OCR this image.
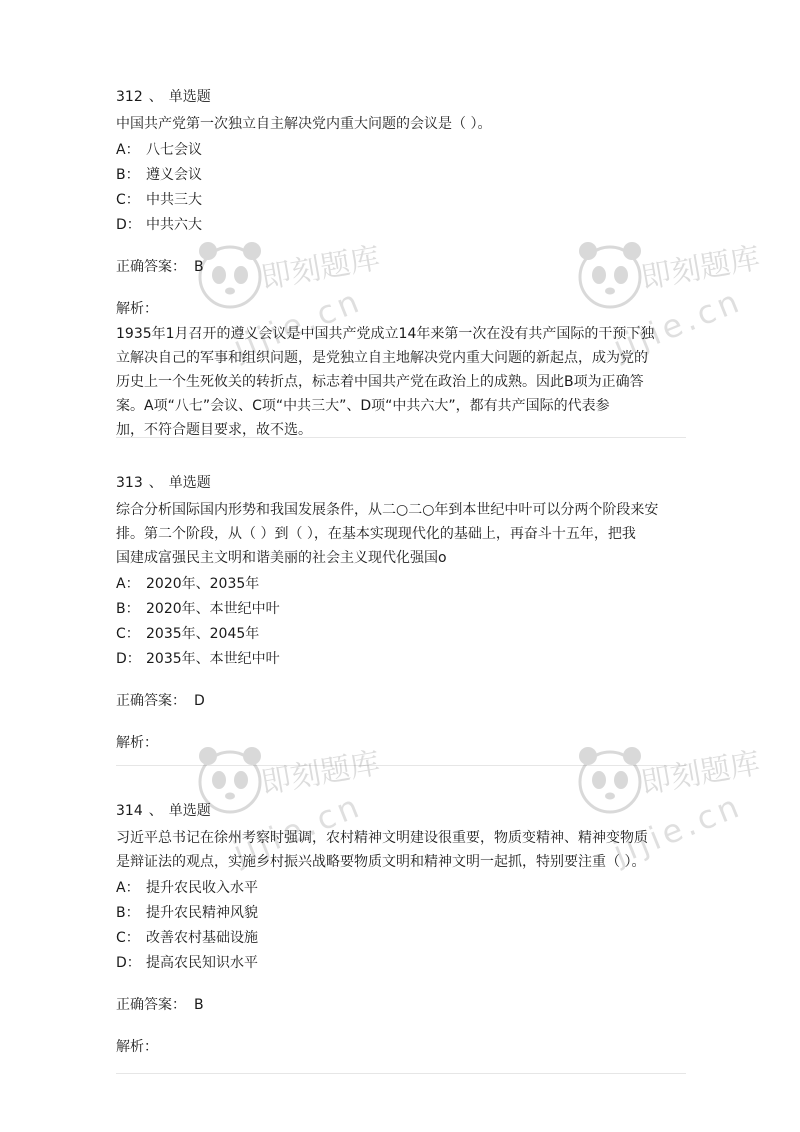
312 、 单选题
中国共产党第一次独立自主解决党内重大问题的会议是（ ）。
A： 八七会议
B： 遵义会议
C： 中共三大
D： 中共六大
正确答案： B
解析：
1935年1月召开的遵义会议是中国共产党成立14年来第一次在没有共产国际的干预下独
立解决自己的军事和组织问题，是党独立自主地解决党内重大问题的新起点，成为党的
历史上一个生死攸关的转折点，标志着中国共产党在政治上的成熟。因此B项为正确答
案。A项“八七”会议、C项“中共三大”、D项“中共六大”，都有共产国际的代表参
加，不符合题目要求，故不选。
313 、 单选题
综合分析国际国内形势和我国发展条件，从二○二○年到本世纪中叶可以分两个阶段来安
排。第二个阶段，从（ ）到（ ），在基本实现现代化的基础上，再奋斗十五年，把我
国建成富强民主文明和谐美丽的社会主义现代化强国o
A： 2020年、2035年
B： 2020年、本世纪中叶
C： 2035年、2045年
D： 2035年、本世纪中叶
正确答案： D
解析：
314 、 单选题
习近平总书记在徐州考察时强调，农村精神文明建设很重要，物质变精神、精神变物质
是辩证法的观点，实施乡村振兴战略要物质文明和精神文明一起抓，特别要注重（ ）。
A： 提升农民收入水平
B： 提升农民精神风貌
C： 改善农村基础设施
D： 提高农民知识水平
正确答案： B
解析：
即刻题库
jijie.cn
即刻题库
jijie.cn
即刻题库
jijie.cn
即刻题库
jijie.cn
